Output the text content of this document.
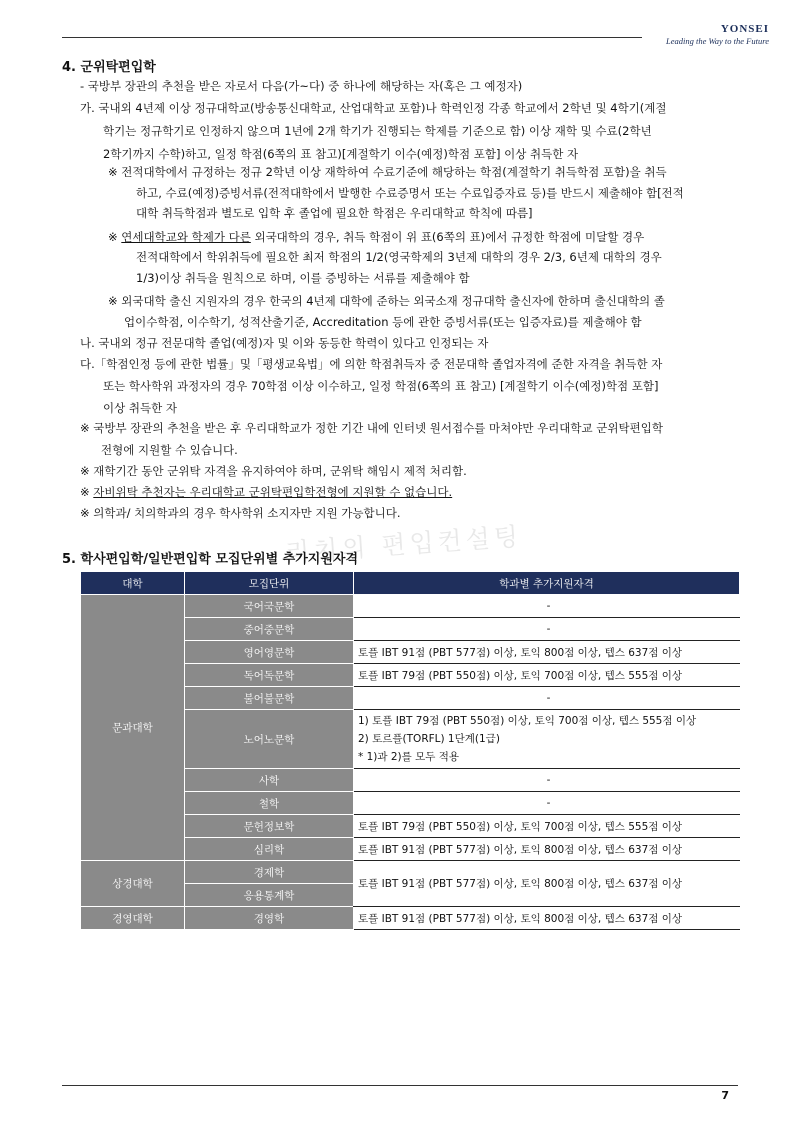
YONSEI
Leading the Way to the Future
리치의 편입컨설팅
4. 군위탁편입학
- 국방부 장관의 추천을 받은 자로서 다음(가~다) 중 하나에 해당하는 자(혹은 그 예정자)
가. 국내외 4년제 이상 정규대학교(방송통신대학교, 산업대학교 포함)나 학력인정 각종 학교에서 2학년 및 4학기(계절
학기는 정규학기로 인정하지 않으며 1년에 2개 학기가 진행되는 학제를 기준으로 함) 이상 재학 및 수료(2학년
2학기까지 수학)하고, 일정 학점(6쪽의 표 참고)[계절학기 이수(예정)학점 포함] 이상 취득한 자
※ 전적대학에서 규정하는 정규 2학년 이상 재학하여 수료기준에 해당하는 학점(계절학기 취득학점 포함)을 취득
하고, 수료(예정)증빙서류(전적대학에서 발행한 수료증명서 또는 수료입증자료 등)를 반드시 제출해야 함[전적
대학 취득학점과 별도로 입학 후 졸업에 필요한 학점은 우리대학교 학칙에 따름]
※ 연세대학교와 학제가 다른 외국대학의 경우, 취득 학점이 위 표(6쪽의 표)에서 규정한 학점에 미달할 경우
전적대학에서 학위취득에 필요한 최저 학점의 1/2(영국학제의 3년제 대학의 경우 2/3, 6년제 대학의 경우
1/3)이상 취득을 원칙으로 하며, 이를 증빙하는 서류를 제출해야 함
※ 외국대학 출신 지원자의 경우 한국의 4년제 대학에 준하는 외국소재 정규대학 출신자에 한하며 출신대학의 졸
업이수학점, 이수학기, 성적산출기준, Accreditation 등에 관한 증빙서류(또는 입증자료)를 제출해야 함
나. 국내외 정규 전문대학 졸업(예정)자 및 이와 동등한 학력이 있다고 인정되는 자
다.「학점인정 등에 관한 법률」및「평생교육법」에 의한 학점취득자 중 전문대학 졸업자격에 준한 자격을 취득한 자
또는 학사학위 과정자의 경우 70학점 이상 이수하고, 일정 학점(6쪽의 표 참고) [계절학기 이수(예정)학점 포함]
이상 취득한 자
※ 국방부 장관의 추천을 받은 후 우리대학교가 정한 기간 내에 인터넷 원서접수를 마쳐야만 우리대학교 군위탁편입학
전형에 지원할 수 있습니다.
※ 재학기간 동안 군위탁 자격을 유지하여야 하며, 군위탁 해임시 제적 처리함.
※ 자비위탁 추천자는 우리대학교 군위탁편입학전형에 지원할 수 없습니다.
※ 의학과/ 치의학과의 경우 학사학위 소지자만 지원 가능합니다.
5. 학사편입학/일반편입학 모집단위별 추가지원자격
대학	모집단위	학과별 추가지원자격
문과대학	국어국문학	-
	중어중문학	-
	영어영문학	토플 IBT 91점 (PBT 577점) 이상, 토익 800점 이상, 텝스 637점 이상
	독어독문학	토플 IBT 79점 (PBT 550점) 이상, 토익 700점 이상, 텝스 555점 이상
	불어불문학	-
	노어노문학	1) 토플 IBT 79점 (PBT 550점) 이상, 토익 700점 이상, 텝스 555점 이상
2) 토르플(TORFL) 1단계(1급)
* 1)과 2)를 모두 적용

	사학	-
	철학	-
	문헌정보학	토플 IBT 79점 (PBT 550점) 이상, 토익 700점 이상, 텝스 555점 이상
	심리학	토플 IBT 91점 (PBT 577점) 이상, 토익 800점 이상, 텝스 637점 이상
상경대학	경제학	토플 IBT 91점 (PBT 577점) 이상, 토익 800점 이상, 텝스 637점 이상
	응용통계학	
경영대학	경영학	토플 IBT 91점 (PBT 577점) 이상, 토익 800점 이상, 텝스 637점 이상
7
